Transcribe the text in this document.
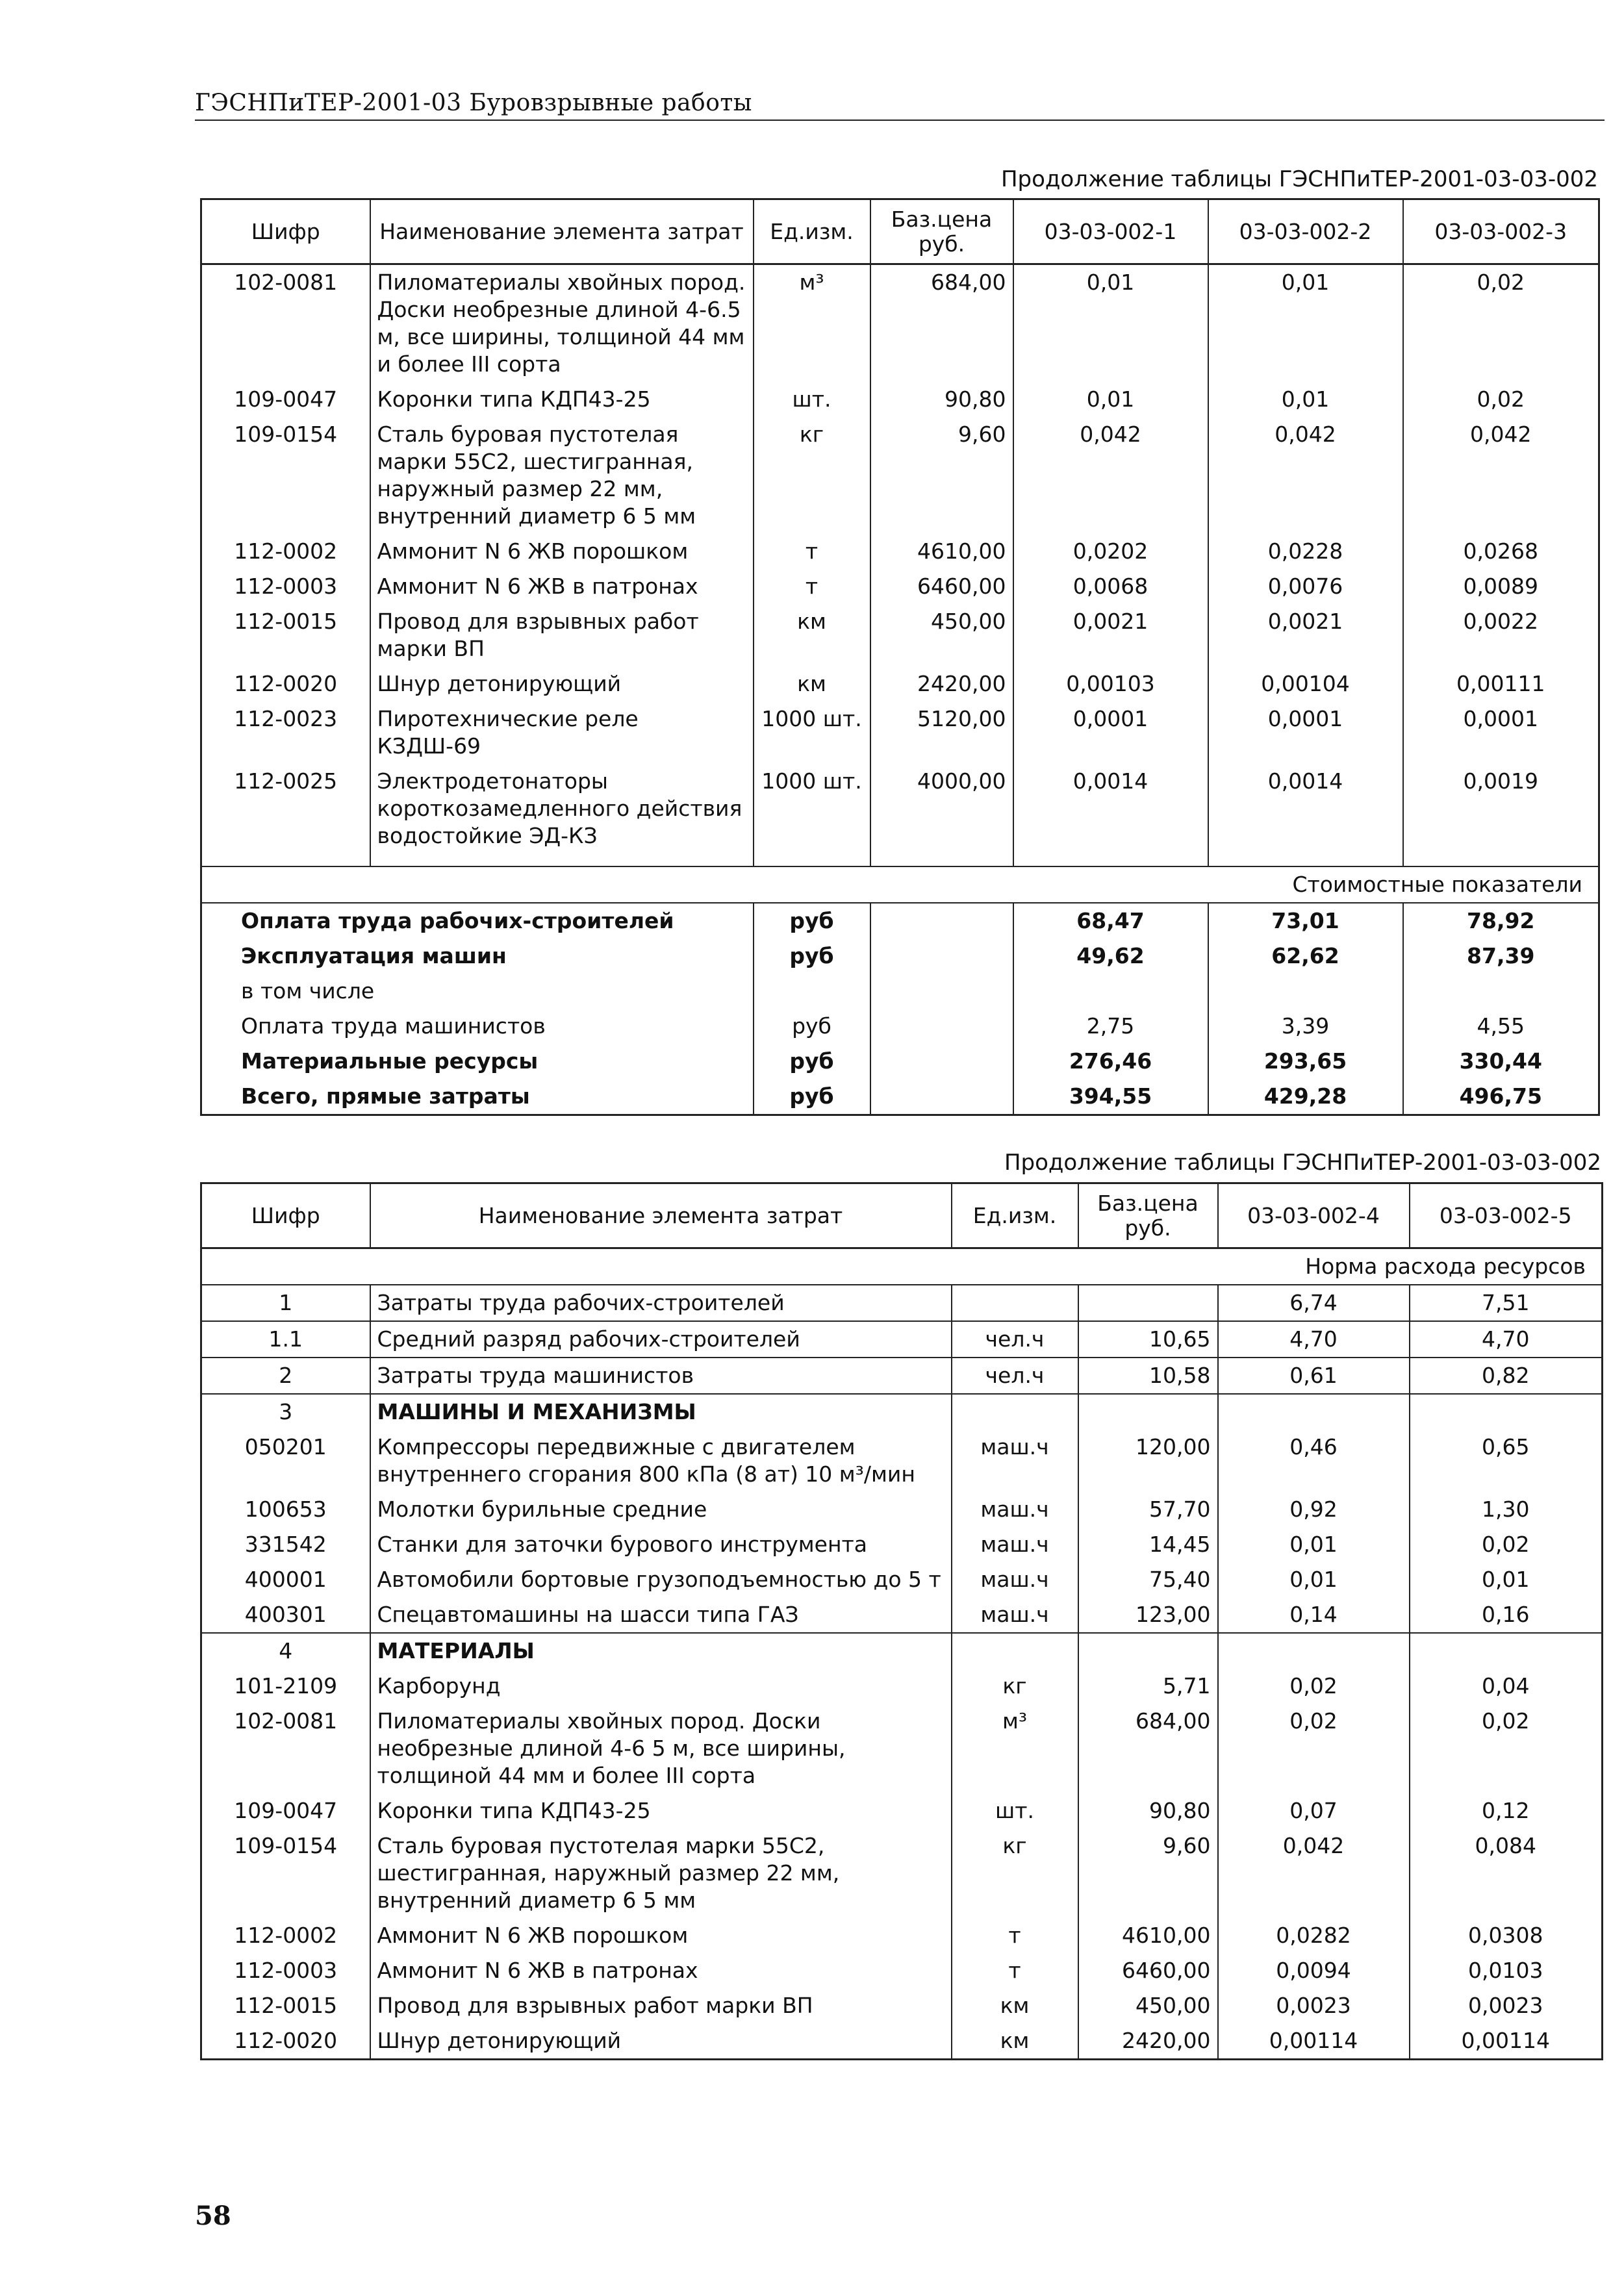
ГЭСНПиТЕР-2001-03 Буровзрывные работы
Продолжение таблицы ГЭСНПиТЕР-2001-03-03-002
Шифр	Наименование элемента затрат	Ед.изм.	Баз.цена руб.	03-03-002-1	03-03-002-2	03-03-002-3
102-0081	Пиломатериалы хвойных пород. Доски необрезные длиной 4-6.5 м, все ширины, толщиной 44 мм и более III сорта	м³	684,00	0,01	0,01	0,02
109-0047	Коронки типа КДП43-25	шт.	90,80	0,01	0,01	0,02
109-0154	Сталь буровая пустотелая марки 55С2, шестигранная, наружный размер 22 мм, внутренний диаметр 6 5 мм	кг	9,60	0,042	0,042	0,042
112-0002	Аммонит N 6 ЖВ порошком	т	4610,00	0,0202	0,0228	0,0268
112-0003	Аммонит N 6 ЖВ в патронах	т	6460,00	0,0068	0,0076	0,0089
112-0015	Провод для взрывных работ марки ВП	км	450,00	0,0021	0,0021	0,0022
112-0020	Шнур детонирующий	км	2420,00	0,00103	0,00104	0,00111
112-0023	Пиротехнические реле КЗДШ-69	1000 шт.	5120,00	0,0001	0,0001	0,0001
112-0025	Электродетонаторы короткозамедленного действия водостойкие ЭД-КЗ	1000 шт.	4000,00	0,0014	0,0014	0,0019

Стоимостные показатели						
Оплата труда рабочих-строителей		руб		68,47	73,01	78,92
Эксплуатация машин		руб		49,62	62,62	87,39
в том числе						
Оплата труда машинистов		руб		2,75	3,39	4,55
Материальные ресурсы		руб		276,46	293,65	330,44
Всего, прямые затраты		руб		394,55	429,28	496,75
Продолжение таблицы ГЭСНПиТЕР-2001-03-03-002
Шифр	Наименование элемента затрат	Ед.изм.	Баз.цена руб.	03-03-002-4	03-03-002-5
				Норма расхода ресурсов	
1	Затраты труда рабочих-строителей			6,74	7,51
1.1	Средний разряд рабочих-строителей	чел.ч	10,65	4,70	4,70
2	Затраты труда машинистов	чел.ч	10,58	0,61	0,82
3	МАШИНЫ И МЕХАНИЗМЫ				
050201	Компрессоры передвижные с двигателем внутреннего сгорания 800 кПа (8 ат) 10 м³/мин	маш.ч	120,00	0,46	0,65
100653	Молотки бурильные средние	маш.ч	57,70	0,92	1,30
331542	Станки для заточки бурового инструмента	маш.ч	14,45	0,01	0,02
400001	Автомобили бортовые грузоподъемностью до 5 т	маш.ч	75,40	0,01	0,01
400301	Спецавтомашины на шасси типа ГАЗ	маш.ч	123,00	0,14	0,16
4	МАТЕРИАЛЫ				
101-2109	Карборунд	кг	5,71	0,02	0,04
102-0081	Пиломатериалы хвойных пород. Доски необрезные длиной 4-6 5 м, все ширины, толщиной 44 мм и более III сорта	м³	684,00	0,02	0,02
109-0047	Коронки типа КДП43-25	шт.	90,80	0,07	0,12
109-0154	Сталь буровая пустотелая марки 55С2, шестигранная, наружный размер 22 мм, внутренний диаметр 6 5 мм	кг	9,60	0,042	0,084
112-0002	Аммонит N 6 ЖВ порошком	т	4610,00	0,0282	0,0308
112-0003	Аммонит N 6 ЖВ в патронах	т	6460,00	0,0094	0,0103
112-0015	Провод для взрывных работ марки ВП	км	450,00	0,0023	0,0023
112-0020	Шнур детонирующий	км	2420,00	0,00114	0,00114
58
